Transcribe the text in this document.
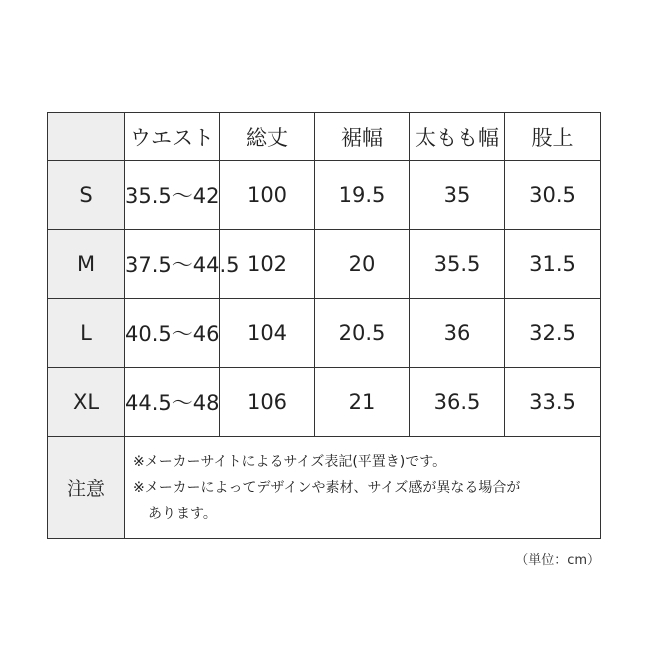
	ウエスト	総丈	裾幅	太もも幅	股上
S	35.5〜42	100	19.5	35	30.5
M	37.5〜44.5	102	20	35.5	31.5
L	40.5〜46	104	20.5	36	32.5
XL	44.5〜48	106	21	36.5	33.5
注意	※メーカーサイトによるサイズ表記(平置き)です。
※メーカーによってデザインや素材、サイズ感が異なる場合が
あります。				
（単位：cm）
